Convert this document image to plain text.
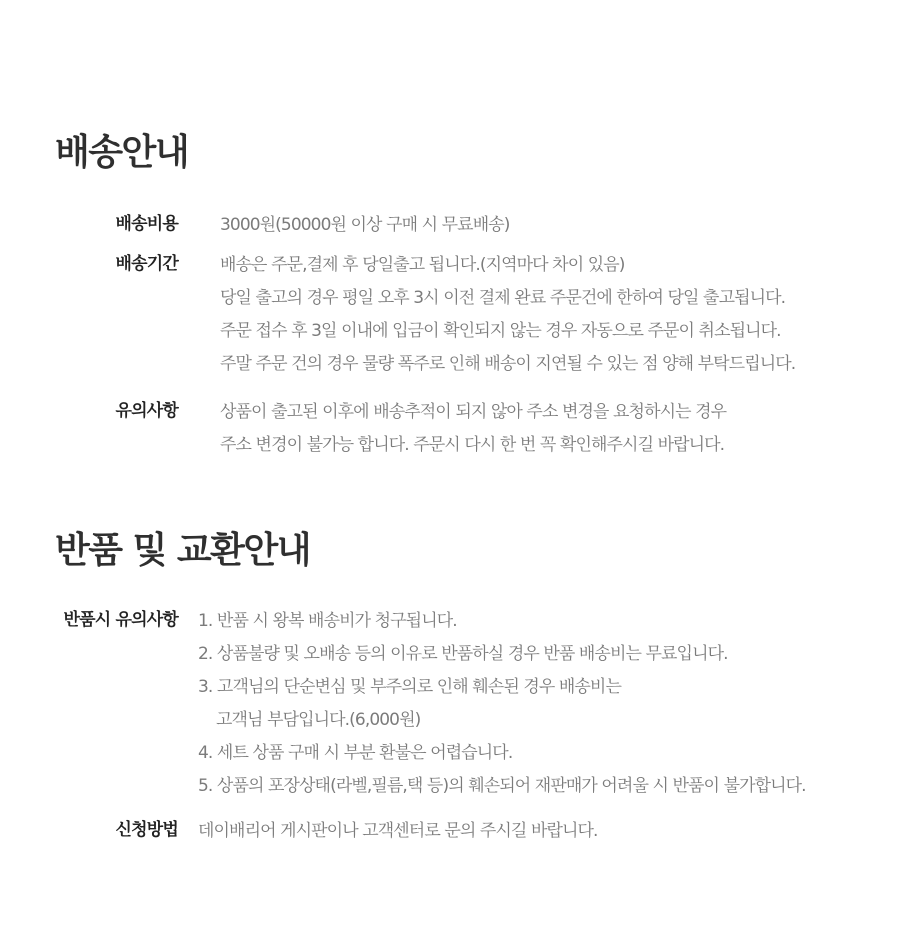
배송안내
배송비용 3000원(50000원 이상 구매 시 무료배송)
배송기간 배송은 주문,결제 후 당일출고 됩니다.(지역마다 차이 있음)
당일 출고의 경우 평일 오후 3시 이전 결제 완료 주문건에 한하여 당일 출고됩니다.
주문 접수 후 3일 이내에 입금이 확인되지 않는 경우 자동으로 주문이 취소됩니다.
주말 주문 건의 경우 물량 폭주로 인해 배송이 지연될 수 있는 점 양해 부탁드립니다.
유의사항 상품이 출고된 이후에 배송추적이 되지 않아 주소 변경을 요청하시는 경우
주소 변경이 불가능 합니다. 주문시 다시 한 번 꼭 확인해주시길 바랍니다.
반품 및 교환안내
반품시 유의사항 1. 반품 시 왕복 배송비가 청구됩니다.
2. 상품불량 및 오배송 등의 이유로 반품하실 경우 반품 배송비는 무료입니다.
3. 고객님의 단순변심 및 부주의로 인해 훼손된 경우 배송비는
고객님 부담입니다.(6,000원)
4. 세트 상품 구매 시 부분 환불은 어렵습니다.
5. 상품의 포장상태(라벨,필름,택 등)의 훼손되어 재판매가 어려울 시 반품이 불가합니다.
신청방법 데이배리어 게시판이나 고객센터로 문의 주시길 바랍니다.
